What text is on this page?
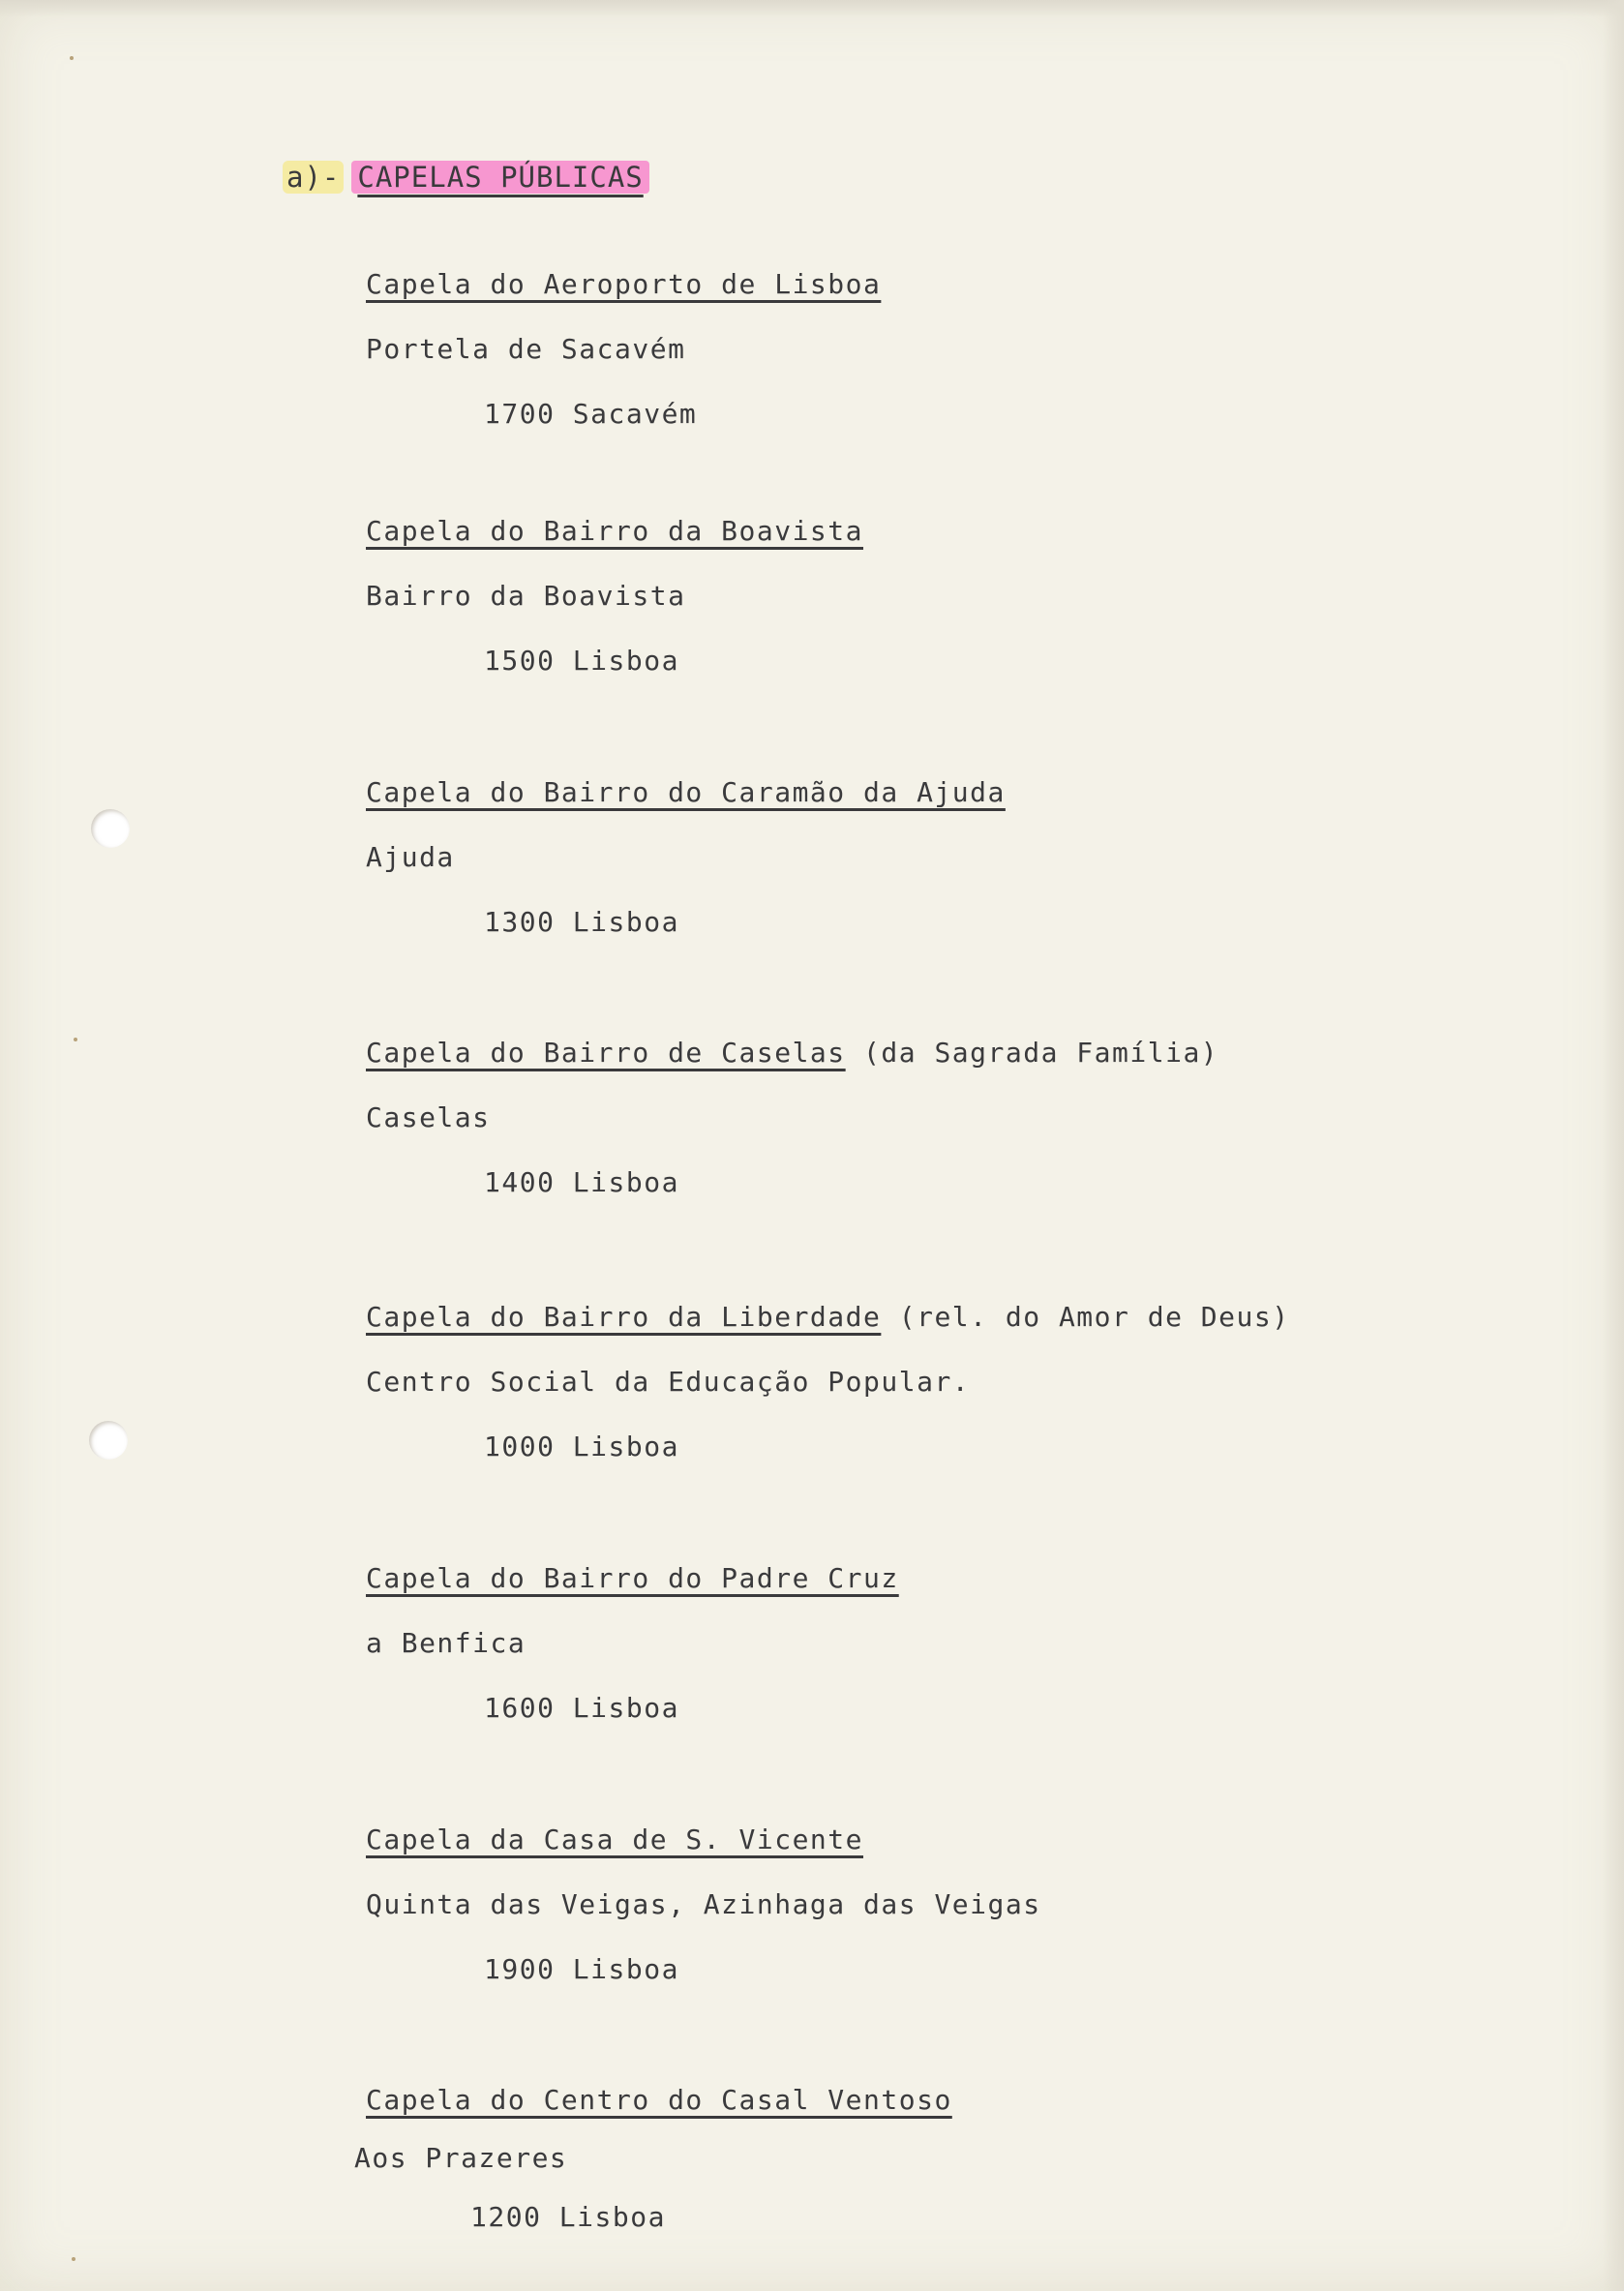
a)- CAPELAS PÚBLICAS
Capela do Aeroporto de Lisboa
Portela de Sacavém
1700 Sacavém
Capela do Bairro da Boavista
Bairro da Boavista
1500 Lisboa
Capela do Bairro do Caramão da Ajuda
Ajuda
1300 Lisboa
Capela do Bairro de Caselas (da Sagrada Família)
Caselas
1400 Lisboa
Capela do Bairro da Liberdade (rel. do Amor de Deus)
Centro Social da Educação Popular.
1000 Lisboa
Capela do Bairro do Padre Cruz
a Benfica
1600 Lisboa
Capela da Casa de S. Vicente
Quinta das Veigas, Azinhaga das Veigas
1900 Lisboa
Capela do Centro do Casal Ventoso
Aos Prazeres
1200 Lisboa
